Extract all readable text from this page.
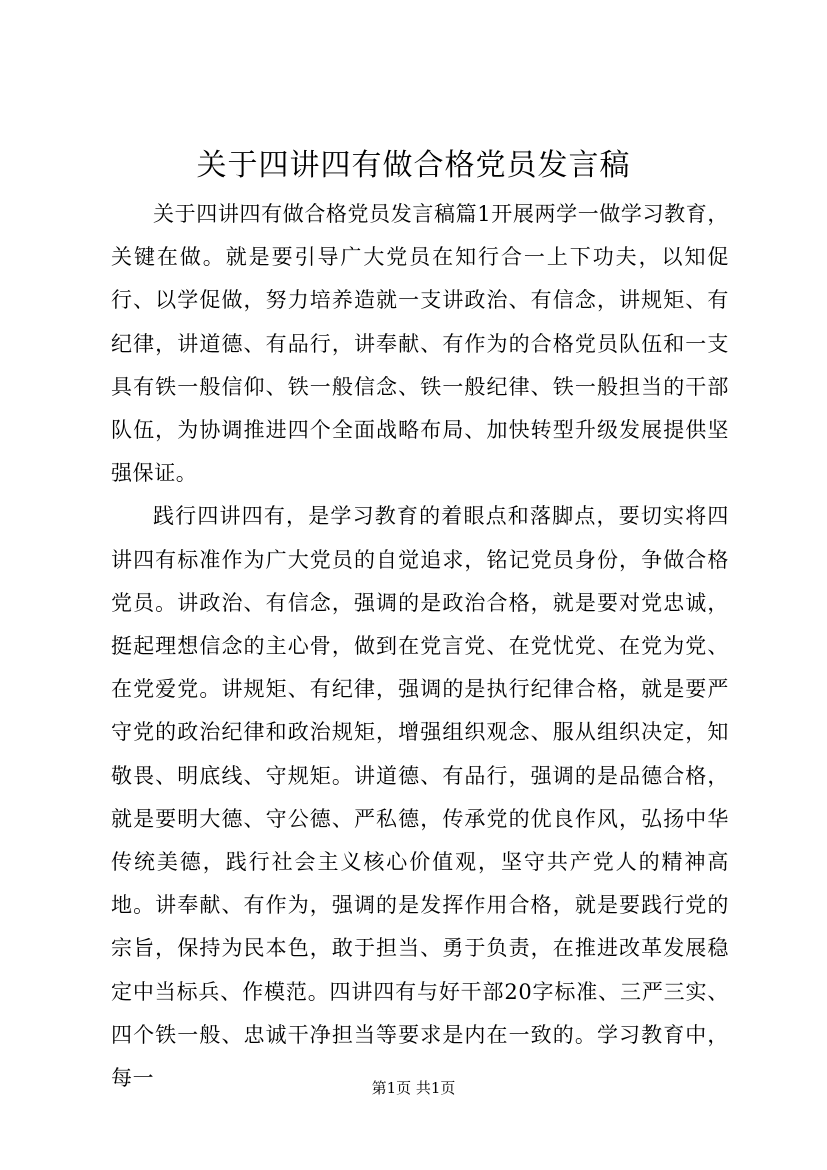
关于四讲四有做合格党员发言稿

关于四讲四有做合格党员发言稿篇1开展两学一做学习教育，关键在做。就是要引导广大党员在知行合一上下功夫，以知促行、以学促做，努力培养造就一支讲政治、有信念，讲规矩、有纪律，讲道德、有品行，讲奉献、有作为的合格党员队伍和一支具有铁一般信仰、铁一般信念、铁一般纪律、铁一般担当的干部队伍，为协调推进四个全面战略布局、加快转型升级发展提供坚强保证。

践行四讲四有，是学习教育的着眼点和落脚点，要切实将四讲四有标准作为广大党员的自觉追求，铭记党员身份，争做合格党员。讲政治、有信念，强调的是政治合格，就是要对党忠诚，挺起理想信念的主心骨，做到在党言党、在党忧党、在党为党、在党爱党。讲规矩、有纪律，强调的是执行纪律合格，就是要严守党的政治纪律和政治规矩，增强组织观念、服从组织决定，知敬畏、明底线、守规矩。讲道德、有品行，强调的是品德合格，就是要明大德、守公德、严私德，传承党的优良作风，弘扬中华传统美德，践行社会主义核心价值观，坚守共产党人的精神高地。讲奉献、有作为，强调的是发挥作用合格，就是要践行党的宗旨，保持为民本色，敢于担当、勇于负责，在推进改革发展稳定中当标兵、作模范。四讲四有与好干部20字标准、三严三实、四个铁一般、忠诚干净担当等要求是内在一致的。学习教育中，每一	第1页 共1页
